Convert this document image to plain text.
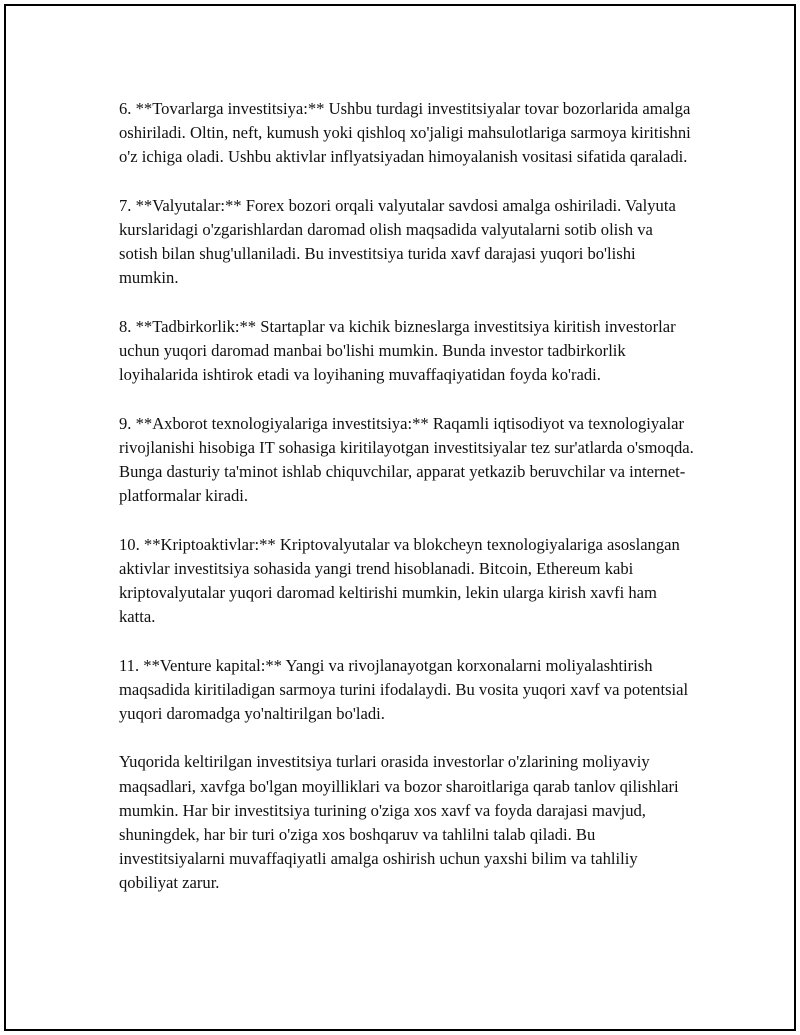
6. **Tovarlarga investitsiya:** Ushbu turdagi investitsiyalar tovar bozorlarida amalga oshiriladi. Oltin, neft, kumush yoki qishloq xo'jaligi mahsulotlariga sarmoya kiritishni o'z ichiga oladi. Ushbu aktivlar inflyatsiyadan himoyalanish vositasi sifatida qaraladi.

7. **Valyutalar:** Forex bozori orqali valyutalar savdosi amalga oshiriladi. Valyuta kurslaridagi o'zgarishlardan daromad olish maqsadida valyutalarni sotib olish va sotish bilan shug'ullaniladi. Bu investitsiya turida xavf darajasi yuqori bo'lishi mumkin.

8. **Tadbirkorlik:** Startaplar va kichik bizneslarga investitsiya kiritish investorlar uchun yuqori daromad manbai bo'lishi mumkin. Bunda investor tadbirkorlik loyihalarida ishtirok etadi va loyihaning muvaffaqiyatidan foyda ko'radi.

9. **Axborot texnologiyalariga investitsiya:** Raqamli iqtisodiyot va texnologiyalar rivojlanishi hisobiga IT sohasiga kiritilayotgan investitsiyalar tez sur'atlarda o'smoqda. Bunga dasturiy ta'minot ishlab chiquvchilar, apparat yetkazib beruvchilar va internet-platformalar kiradi.

10. **Kriptoaktivlar:** Kriptovalyutalar va blokcheyn texnologiyalariga asoslangan aktivlar investitsiya sohasida yangi trend hisoblanadi. Bitcoin, Ethereum kabi kriptovalyutalar yuqori daromad keltirishi mumkin, lekin ularga kirish xavfi ham katta.

11. **Venture kapital:** Yangi va rivojlanayotgan korxonalarni moliyalashtirish maqsadida kiritiladigan sarmoya turini ifodalaydi. Bu vosita yuqori xavf va potentsial yuqori daromadga yo'naltirilgan bo'ladi.

Yuqorida keltirilgan investitsiya turlari orasida investorlar o'zlarining moliyaviy maqsadlari, xavfga bo'lgan moyilliklari va bozor sharoitlariga qarab tanlov qilishlari mumkin. Har bir investitsiya turining o'ziga xos xavf va foyda darajasi mavjud, shuningdek, har bir turi o'ziga xos boshqaruv va tahlilni talab qiladi. Bu investitsiyalarni muvaffaqiyatli amalga oshirish uchun yaxshi bilim va tahliliy qobiliyat zarur.
